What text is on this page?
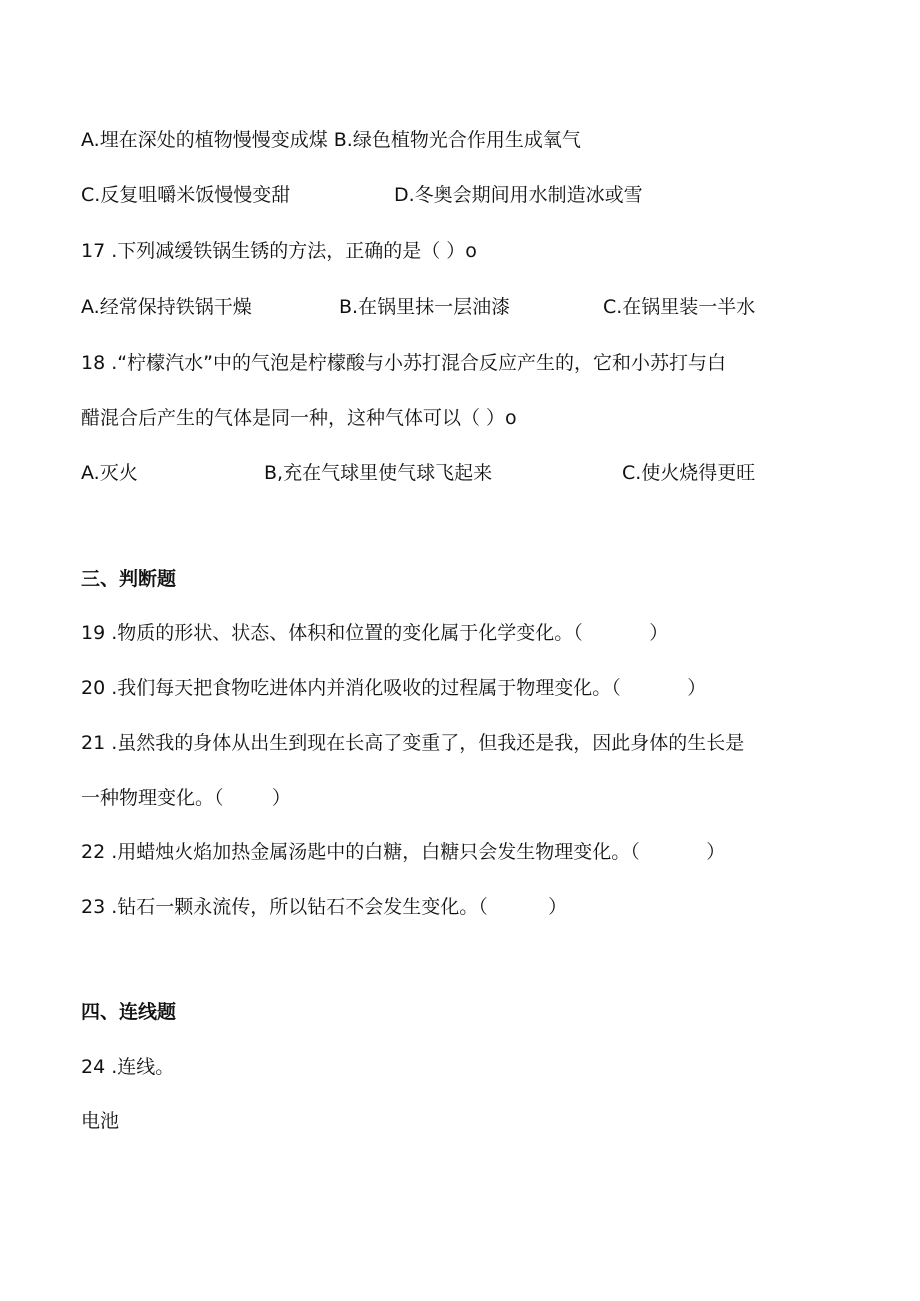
A.埋在深处的植物慢慢变成煤 B.绿色植物光合作用生成氧气

C.反复咀嚼米饭慢慢变甜

	D.冬奥会期间用水制造冰或雪

17 .下列减缓铁锅生锈的方法，正确的是（ ）o

A.经常保持铁锅干燥

	B.在锅里抹一层油漆

	C.在锅里装一半水

18 .“柠檬汽水”中的气泡是柠檬酸与小苏打混合反应产生的，它和小苏打与白
醋混合后产生的气体是同一种，这种气体可以（ ）o

A.灭火

	B,充在气球里使气球飞起来

	C.使火烧得更旺

三、判断题
19 .物质的形状、状态、体积和位置的变化属于化学变化。（           ）
20 .我们每天把食物吃进体内并消化吸收的过程属于物理变化。（           ）
21 .虽然我的身体从出生到现在长高了变重了，但我还是我，因此身体的生长是
一种物理变化。（        ）
22 .用蜡烛火焰加热金属汤匙中的白糖，白糖只会发生物理变化。（           ）
23 .钻石一颗永流传，所以钻石不会发生变化。（          ）
四、连线题
24 .连线。
电池
